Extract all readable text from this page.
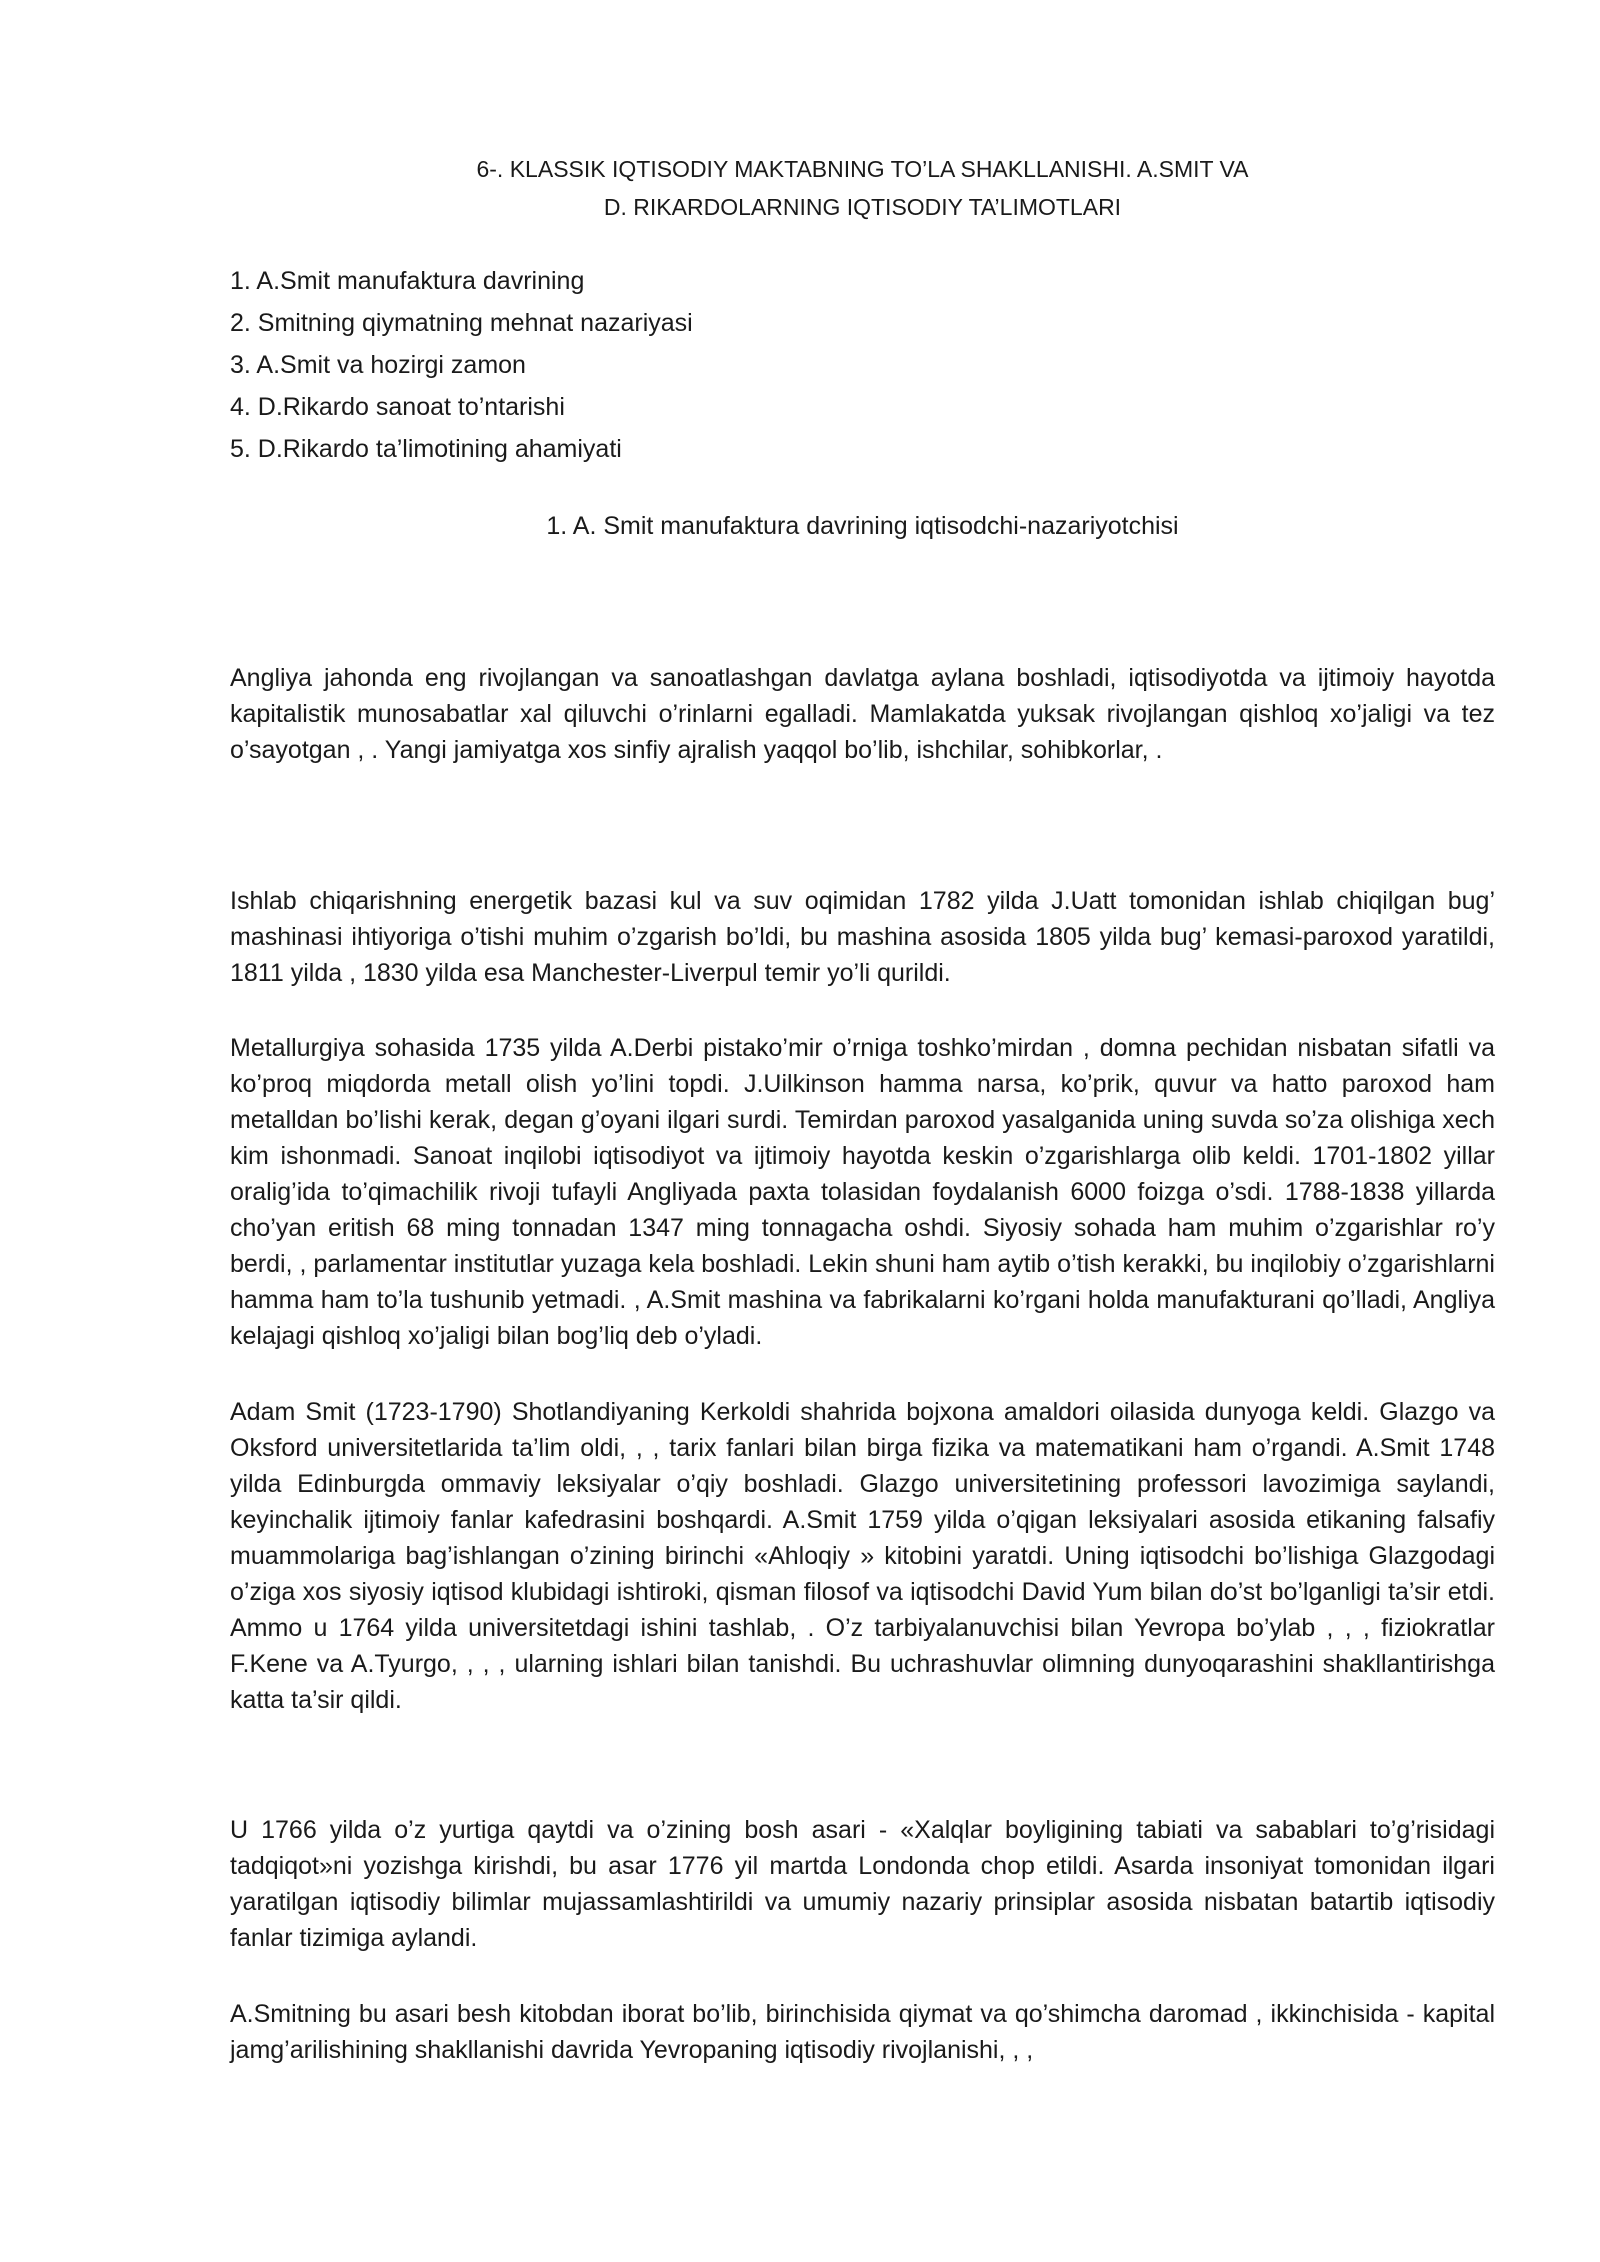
6-. KLASSIK IQTISODIY MAKTABNING TO’LA SHAKLLANISHI. A.SMIT VA
D. RIKARDOLARNING IQTISODIY TA’LIMOTLARI
1. A.Smit manufaktura davrining
2. Smitning qiymatning mehnat nazariyasi
3. A.Smit va hozirgi zamon
4. D.Rikardo sanoat to’ntarishi
5. D.Rikardo ta’limotining ahamiyati
1. A. Smit manufaktura davrining iqtisodchi-nazariyotchisi

Angliya jahonda eng rivojlangan va sanoatlashgan davlatga aylana boshladi, iqtisodiyotda va ijtimoiy hayotda kapitalistik munosabatlar xal qiluvchi o’rinlarni egalladi. Mamlakatda yuksak rivojlangan qishloq xo’jaligi va tez o’sayotgan , . Yangi jamiyatga xos sinfiy ajralish yaqqol bo’lib, ishchilar, sohibkorlar, .

Ishlab chiqarishning energetik bazasi kul va suv oqimidan 1782 yilda J.Uatt tomonidan ishlab chiqilgan bug’ mashinasi ihtiyoriga o’tishi muhim o’zgarish bo’ldi, bu mashina asosida 1805 yilda bug’ kemasi-paroxod yaratildi, 1811 yilda , 1830 yilda esa Manchester-Liverpul temir yo’li qurildi.

Metallurgiya sohasida 1735 yilda A.Derbi pistako’mir o’rniga toshko’mirdan , domna pechidan nisbatan sifatli va ko’proq miqdorda metall olish yo’lini topdi. J.Uilkinson hamma narsa, ko’prik, quvur va hatto paroxod ham metalldan bo’lishi kerak, degan g’oyani ilgari surdi. Temirdan paroxod yasalganida uning suvda so’za olishiga xech kim ishonmadi. Sanoat inqilobi iqtisodiyot va ijtimoiy hayotda keskin o’zgarishlarga olib keldi. 1701-1802 yillar oralig’ida to’qimachilik rivoji tufayli Angliyada paxta tolasidan foydalanish 6000 foizga o’sdi. 1788-1838 yillarda cho’yan eritish 68 ming tonnadan 1347 ming tonnagacha oshdi. Siyosiy sohada ham muhim o’zgarishlar ro’y berdi, , parlamentar institutlar yuzaga kela boshladi. Lekin shuni ham aytib o’tish kerakki, bu inqilobiy o’zgarishlarni hamma ham to’la tushunib yetmadi. , A.Smit mashina va fabrikalarni ko’rgani holda manufakturani qo’lladi, Angliya kelajagi qishloq xo’jaligi bilan bog’liq deb o’yladi.

Adam Smit (1723-1790) Shotlandiyaning Kerkoldi shahrida bojxona amaldori oilasida dunyoga keldi. Glazgo va Oksford universitetlarida ta’lim oldi, , , tarix fanlari bilan birga fizika va matematikani ham o’rgandi. A.Smit 1748 yilda Edinburgda ommaviy leksiyalar o’qiy boshladi. Glazgo universitetining professori lavozimiga saylandi, keyinchalik ijtimoiy fanlar kafedrasini boshqardi. A.Smit 1759 yilda o’qigan leksiyalari asosida etikaning falsafiy muammolariga bag’ishlangan o’zining birinchi «Ahloqiy » kitobini yaratdi. Uning iqtisodchi bo’lishiga Glazgodagi o’ziga xos siyosiy iqtisod klubidagi ishtiroki, qisman filosof va iqtisodchi David Yum bilan do’st bo’lganligi ta’sir etdi. Ammo u 1764 yilda universitetdagi ishini tashlab, . O’z tarbiyalanuvchisi bilan Yevropa bo’ylab , , , fiziokratlar F.Kene va A.Tyurgo, , , , ularning ishlari bilan tanishdi. Bu uchrashuvlar olimning dunyoqarashini shakllantirishga katta ta’sir qildi.

U 1766 yilda o’z yurtiga qaytdi va o’zining bosh asari - «Xalqlar boyligining tabiati va sabablari to’g’risidagi tadqiqot»ni yozishga kirishdi, bu asar 1776 yil martda Londonda chop etildi. Asarda insoniyat tomonidan ilgari yaratilgan iqtisodiy bilimlar mujassamlashtirildi va umumiy nazariy prinsiplar asosida nisbatan batartib iqtisodiy fanlar tizimiga aylandi.

A.Smitning bu asari besh kitobdan iborat bo’lib, birinchisida qiymat va qo’shimcha daromad , ikkinchisida - kapital jamg’arilishining shakllanishi davrida Yevropaning iqtisodiy rivojlanishi, , ,
